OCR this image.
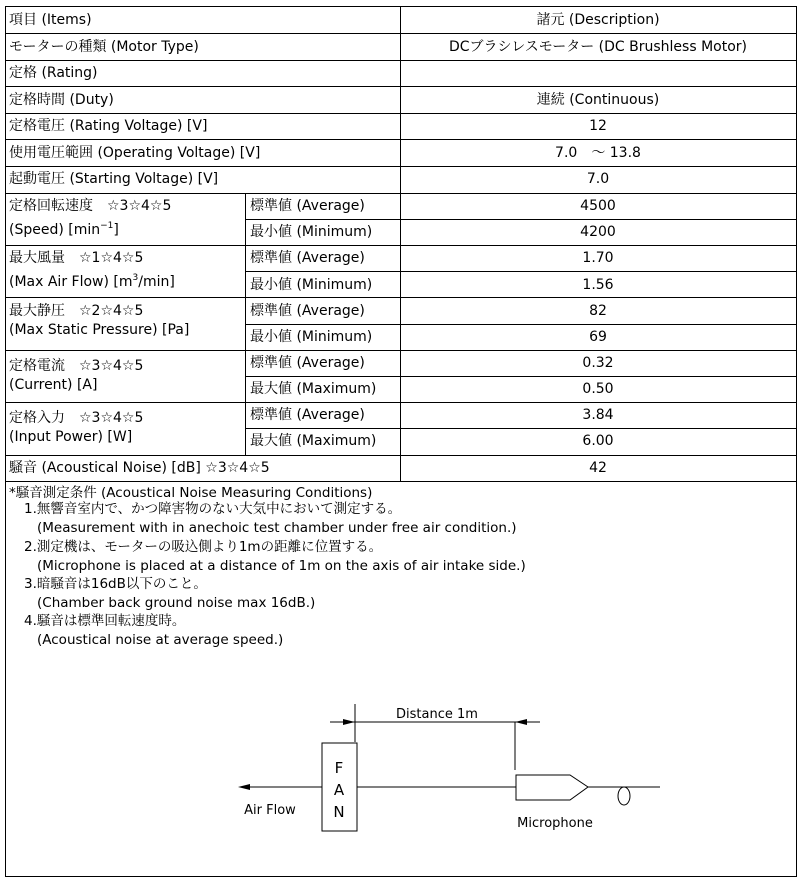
項目 (Items)	諸元 (Description)
モーターの種類 (Motor Type)	DCブラシレスモーター (DC Brushless Motor)
定格 (Rating)
定格時間 (Duty)	連続 (Continuous)
定格電圧 (Rating Voltage) [V]	12
使用電圧範囲 (Operating Voltage) [V]	7.0　～ 13.8
起動電圧 (Starting Voltage) [V]	7.0
定格回転速度　☆3☆4☆5
(Speed) $[\min^{-1}]$
標準値 (Average)	4500
最小値 (Minimum)	4200
最大風量　☆1☆4☆5
(Max Air Flow) $[m^3/\min]$
標準値 (Average)	1.70
最小値 (Minimum)	1.56
最大静圧　☆2☆4☆5
(Max Static Pressure) [Pa]
標準値 (Average)	82
最小値 (Minimum)	69
定格電流　☆3☆4☆5
(Current) [A]
標準値 (Average)	0.32
最大値 (Maximum)	0.50
定格入力　☆3☆4☆5
(Input Power) [W]
標準値 (Average)	3.84
最大値 (Maximum)	6.00
騒音 (Acoustical Noise) [dB] ☆3☆4☆5	42
*騒音測定条件 (Acoustical Noise Measuring Conditions)
1.無響音室内で、かつ障害物のない大気中において測定する。
(Measurement with in anechoic test chamber under free air condition.)
2.測定機は、モーターの吸込側より1mの距離に位置する。
(Microphone is placed at a distance of 1m on the axis of air intake side.)
3.暗騒音は16dB以下のこと。
(Chamber back ground noise max 16dB.)
4.騒音は標準回転速度時。
(Acoustical noise at average speed.)
Distance 1m
F
A
N
Air Flow
Microphone
